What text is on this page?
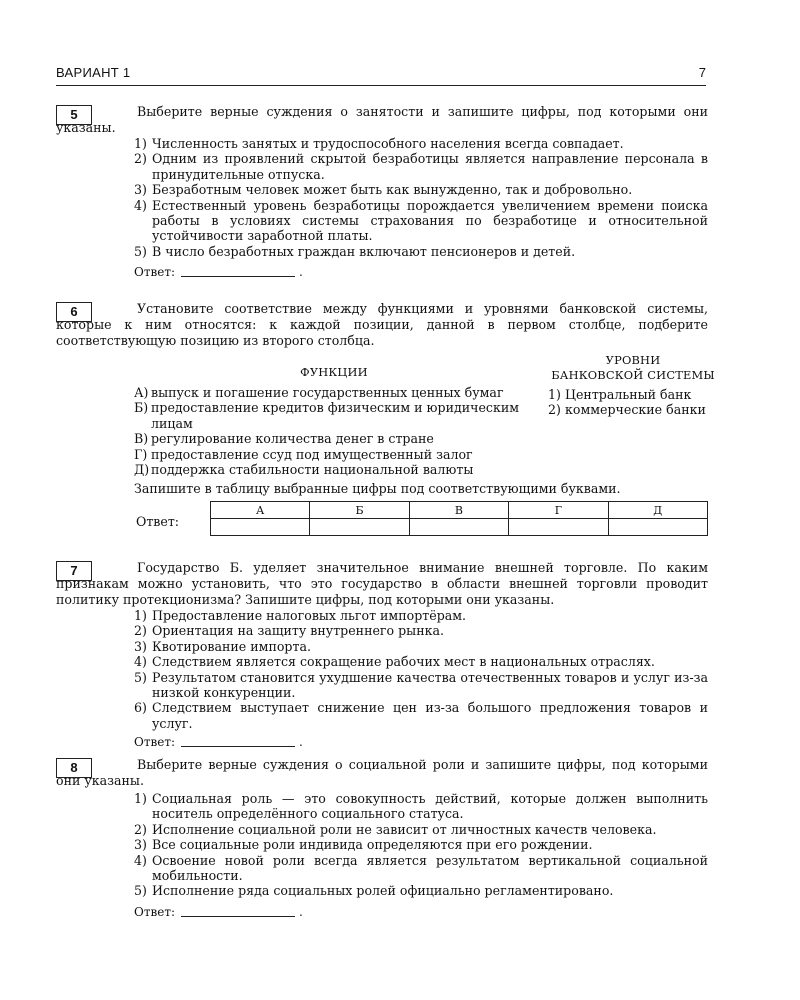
ВАРИАНТ 1	7
5	Выберите верные суждения о занятости и запишите цифры, под которыми они указаны.

1) Численность занятых и трудоспособного населения всегда совпадает.
2) Одним из проявлений скрытой безработицы является направление персонала в принудительные отпуска.
3) Безработным человек может быть как вынужденно, так и добровольно.
4) Естественный уровень безработицы порождается увеличением времени поиска работы в условиях системы страхования по безработице и относительной устойчивости заработной платы.
5) В число безработных граждан включают пенсионеров и детей.
Ответ:	.
6	Установите соответствие между функциями и уровнями банковской системы, которые к ним относятся: к каждой позиции, данной в первом столбце, подберите соответствующую позицию из второго столбца.

ФУНКЦИИ
А) выпуск и погашение государственных ценных бумаг
Б) предоставление кредитов физическим и юридическим лицам
В) регулирование количества денег в стране
Г) предоставление ссуд под имущественный залог
Д) поддержка стабильности национальной валюты
УРОВНИ
БАНКОВСКОЙ СИСТЕМЫ
1) Центральный банк
2) коммерческие банки
Запишите в таблицу выбранные цифры под соответствующими буквами.
Ответ:
А	Б	В	Г	Д

7	Государство Б. уделяет значительное внимание внешней торговле. По каким признакам можно установить, что это государство в области внешней торговли проводит политику протекционизма? Запишите цифры, под которыми они указаны.

1) Предоставление налоговых льгот импортёрам.
2) Ориентация на защиту внутреннего рынка.
3) Квотирование импорта.
4) Следствием является сокращение рабочих мест в национальных отраслях.
5) Результатом становится ухудшение качества отечественных товаров и услуг из-за низкой конкуренции.
6) Следствием выступает снижение цен из-за большого предложения товаров и услуг.
Ответ:	.
8	Выберите верные суждения о социальной роли и запишите цифры, под которыми они указаны.

1) Социальная роль — это совокупность действий, которые должен выполнить носитель определённого социального статуса.
2) Исполнение социальной роли не зависит от личностных качеств человека.
3) Все социальные роли индивида определяются при его рождении.
4) Освоение новой роли всегда является результатом вертикальной социальной мобильности.
5) Исполнение ряда социальных ролей официально регламентировано.
Ответ:	.
